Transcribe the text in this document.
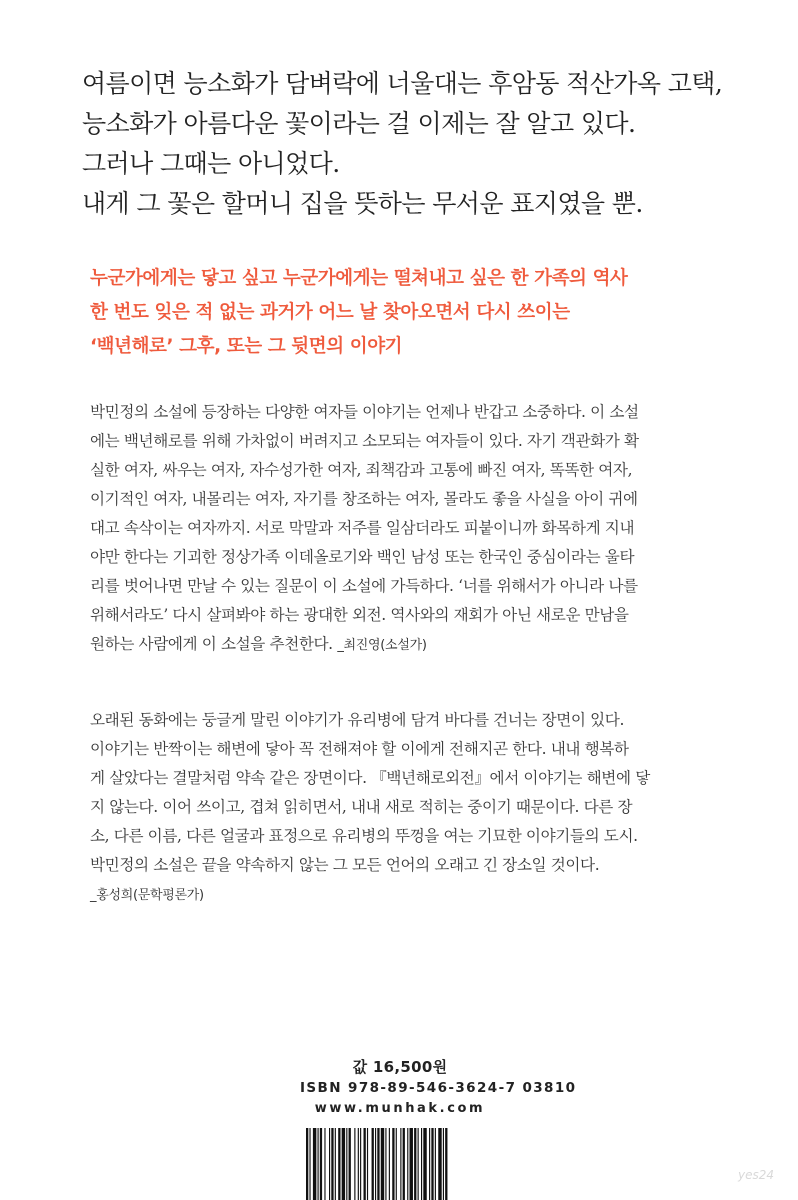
여름이면 능소화가 담벼락에 너울대는 후암동 적산가옥 고택,

능소화가 아름다운 꽃이라는 걸 이제는 잘 알고 있다.

그러나 그때는 아니었다.

내게 그 꽃은 할머니 집을 뜻하는 무서운 표지였을 뿐.

누군가에게는 닿고 싶고 누군가에게는 떨쳐내고 싶은 한 가족의 역사

한 번도 잊은 적 없는 과거가 어느 날 찾아오면서 다시 쓰이는

‘백년해로’ 그후, 또는 그 뒷면의 이야기

박민정의 소설에 등장하는 다양한 여자들 이야기는 언제나 반갑고 소중하다. 이 소설

에는 백년해로를 위해 가차없이 버려지고 소모되는 여자들이 있다. 자기 객관화가 확

실한 여자, 싸우는 여자, 자수성가한 여자, 죄책감과 고통에 빠진 여자, 똑똑한 여자,

이기적인 여자, 내몰리는 여자, 자기를 창조하는 여자, 몰라도 좋을 사실을 아이 귀에

대고 속삭이는 여자까지. 서로 막말과 저주를 일삼더라도 피붙이니까 화목하게 지내

야만 한다는 기괴한 정상가족 이데올로기와 백인 남성 또는 한국인 중심이라는 울타

리를 벗어나면 만날 수 있는 질문이 이 소설에 가득하다. ‘너를 위해서가 아니라 나를

위해서라도’ 다시 살펴봐야 하는 광대한 외전. 역사와의 재회가 아닌 새로운 만남을

원하는 사람에게 이 소설을 추천한다. _최진영(소설가)

오래된 동화에는 둥글게 말린 이야기가 유리병에 담겨 바다를 건너는 장면이 있다.

이야기는 반짝이는 해변에 닿아 꼭 전해져야 할 이에게 전해지곤 한다. 내내 행복하

게 살았다는 결말처럼 약속 같은 장면이다. 『백년해로외전』에서 이야기는 해변에 닿

지 않는다. 이어 쓰이고, 겹쳐 읽히면서, 내내 새로 적히는 중이기 때문이다. 다른 장

소, 다른 이름, 다른 얼굴과 표정으로 유리병의 뚜껑을 여는 기묘한 이야기들의 도시.

박민정의 소설은 끝을 약속하지 않는 그 모든 언어의 오래고 긴 장소일 것이다.

_홍성희(문학평론가)

값 16,500원
ISBN 978-89-546-3624-7 03810
www.munhak.com
yes24
